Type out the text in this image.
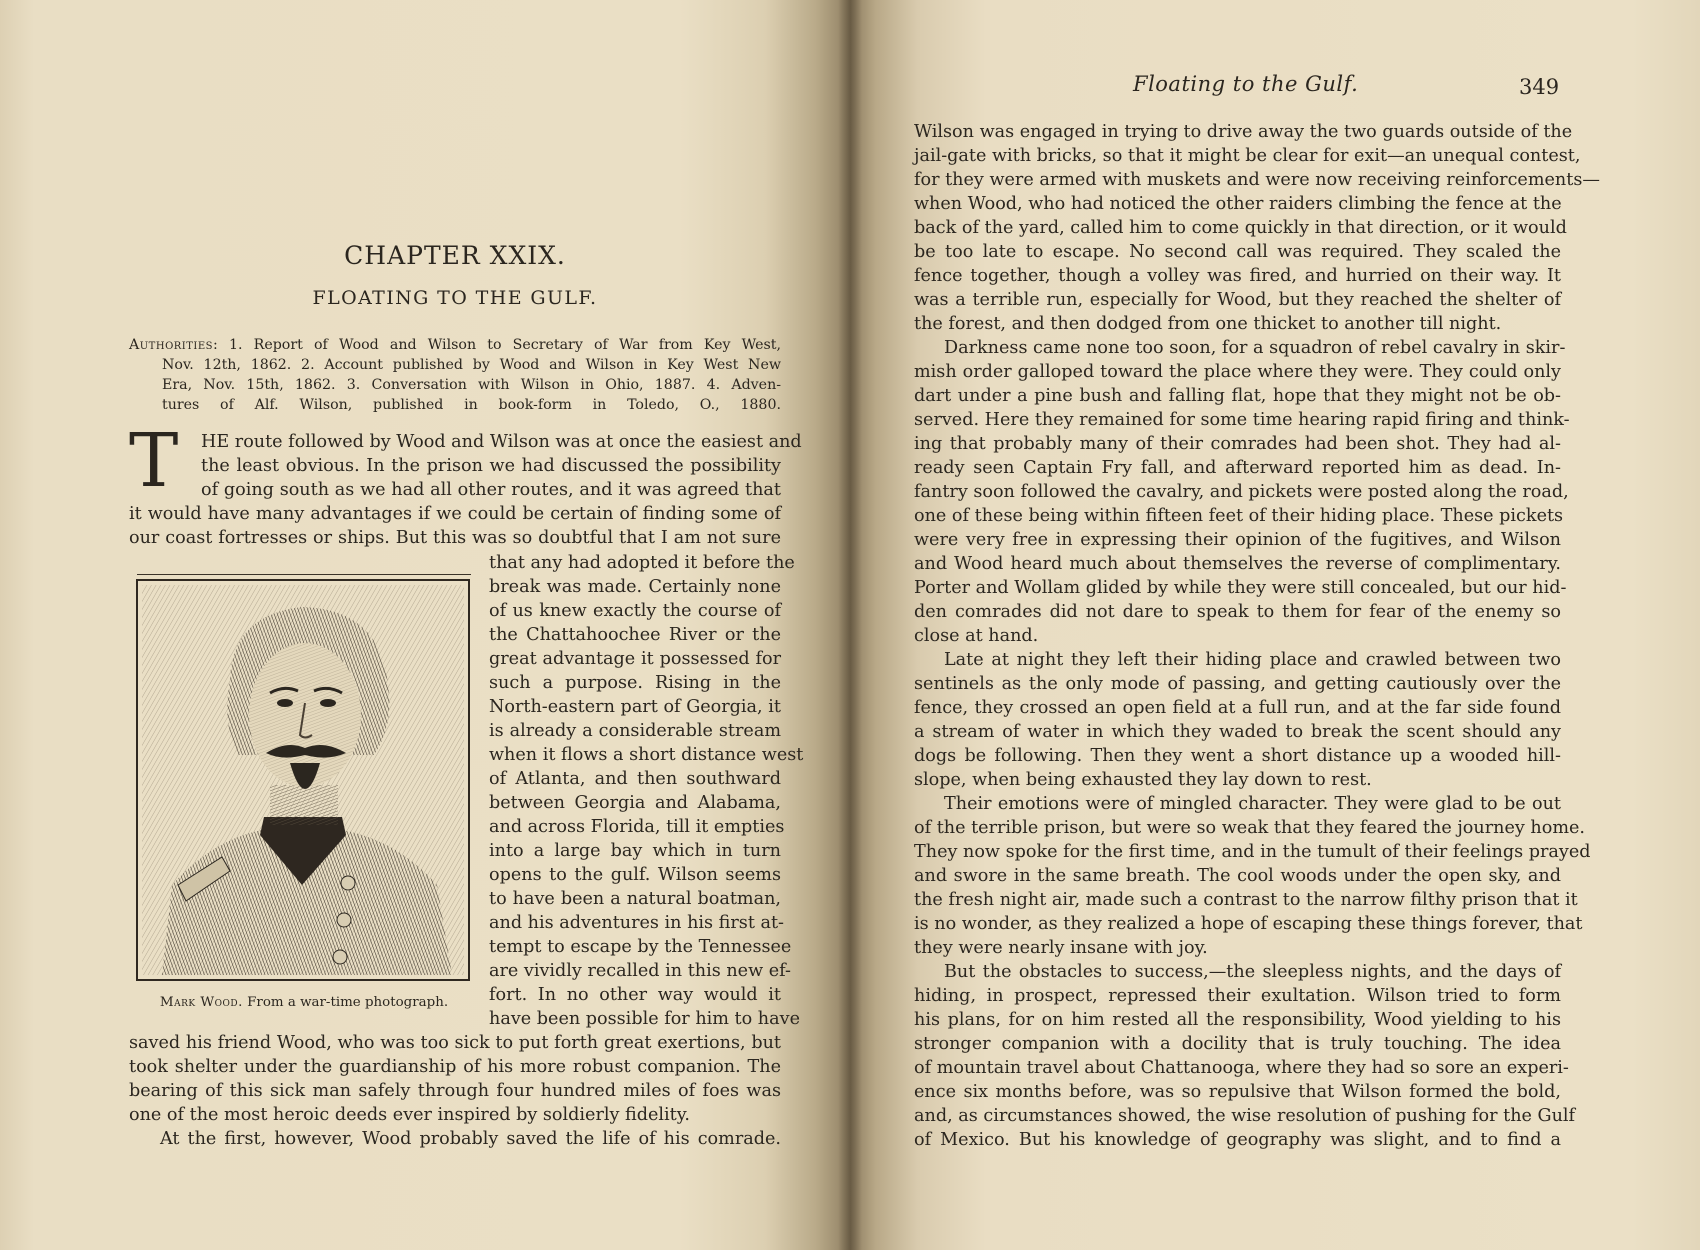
CHAPTER XXIX.
FLOATING TO THE GULF.
Authorities: 1. Report of Wood and Wilson to Secretary of War from Key West,
Nov. 12th, 1862. 2. Account published by Wood and Wilson in Key West New
Era, Nov. 15th, 1862. 3. Conversation with Wilson in Ohio, 1887. 4. Adven-
tures of Alf. Wilson, published in book-form in Toledo, O., 1880.
T	HE route followed by Wood and Wilson was at once the easiest and
the least obvious. In the prison we had discussed the possibility
of going south as we had all other routes, and it was agreed that
it would have many advantages if we could be certain of finding some of
our coast fortresses or ships. But this was so doubtful that I am not sure
that any had adopted it before the
break was made. Certainly none
of us knew exactly the course of
the Chattahoochee River or the
great advantage it possessed for
such a purpose. Rising in the
North-eastern part of Georgia, it
is already a considerable stream
when it flows a short distance west
of Atlanta, and then southward
between Georgia and Alabama,
and across Florida, till it empties
into a large bay which in turn
opens to the gulf. Wilson seems
to have been a natural boatman,
and his adventures in his first at-
tempt to escape by the Tennessee
are vividly recalled in this new ef-
fort. In no other way would it
have been possible for him to have
saved his friend Wood, who was too sick to put forth great exertions, but
took shelter under the guardianship of his more robust companion. The
bearing of this sick man safely through four hundred miles of foes was
one of the most heroic deeds ever inspired by soldierly fidelity.
At the first, however, Wood probably saved the life of his comrade.
Mark Wood. From a war-time photograph.
Floating to the Gulf.	349
Wilson was engaged in trying to drive away the two guards outside of the
jail-gate with bricks, so that it might be clear for exit—an unequal contest,
for they were armed with muskets and were now receiving reinforcements—
when Wood, who had noticed the other raiders climbing the fence at the
back of the yard, called him to come quickly in that direction, or it would
be too late to escape. No second call was required. They scaled the
fence together, though a volley was fired, and hurried on their way. It
was a terrible run, especially for Wood, but they reached the shelter of
the forest, and then dodged from one thicket to another till night.
Darkness came none too soon, for a squadron of rebel cavalry in skir-
mish order galloped toward the place where they were. They could only
dart under a pine bush and falling flat, hope that they might not be ob-
served. Here they remained for some time hearing rapid firing and think-
ing that probably many of their comrades had been shot. They had al-
ready seen Captain Fry fall, and afterward reported him as dead. In-
fantry soon followed the cavalry, and pickets were posted along the road,
one of these being within fifteen feet of their hiding place. These pickets
were very free in expressing their opinion of the fugitives, and Wilson
and Wood heard much about themselves the reverse of complimentary.
Porter and Wollam glided by while they were still concealed, but our hid-
den comrades did not dare to speak to them for fear of the enemy so
close at hand.
Late at night they left their hiding place and crawled between two
sentinels as the only mode of passing, and getting cautiously over the
fence, they crossed an open field at a full run, and at the far side found
a stream of water in which they waded to break the scent should any
dogs be following. Then they went a short distance up a wooded hill-
slope, when being exhausted they lay down to rest.
Their emotions were of mingled character. They were glad to be out
of the terrible prison, but were so weak that they feared the journey home.
They now spoke for the first time, and in the tumult of their feelings prayed
and swore in the same breath. The cool woods under the open sky, and
the fresh night air, made such a contrast to the narrow filthy prison that it
is no wonder, as they realized a hope of escaping these things forever, that
they were nearly insane with joy.
But the obstacles to success,—the sleepless nights, and the days of
hiding, in prospect, repressed their exultation. Wilson tried to form
his plans, for on him rested all the responsibility, Wood yielding to his
stronger companion with a docility that is truly touching. The idea
of mountain travel about Chattanooga, where they had so sore an experi-
ence six months before, was so repulsive that Wilson formed the bold,
and, as circumstances showed, the wise resolution of pushing for the Gulf
of Mexico. But his knowledge of geography was slight, and to find a
